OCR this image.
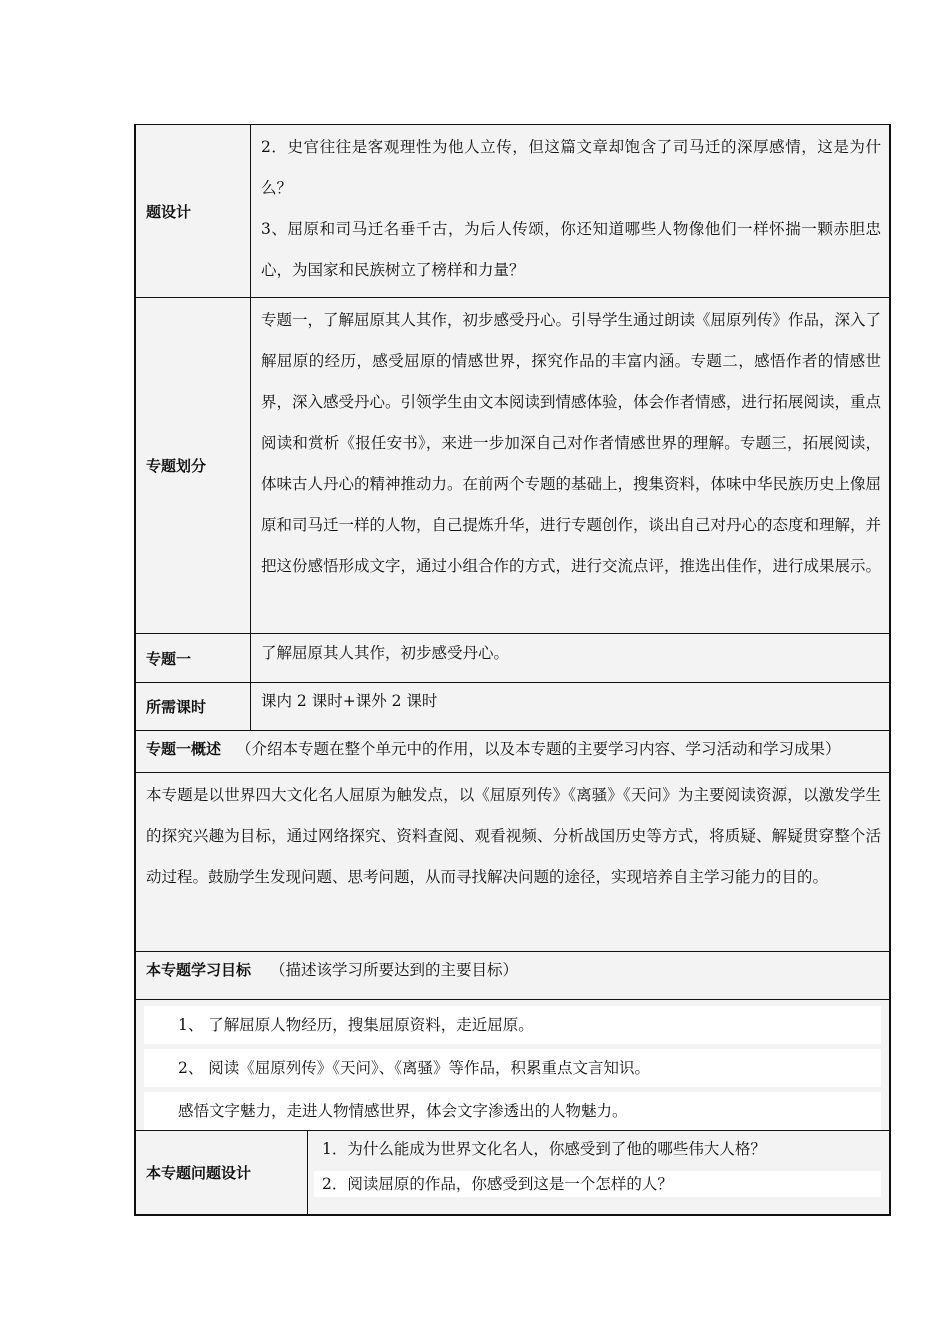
题设计

2．史官往往是客观理性为他人立传，但这篇文章却饱含了司马迁的深厚感情，这是为什么？

3、屈原和司马迁名垂千古，为后人传颂，你还知道哪些人物像他们一样怀揣一颗赤胆忠心，为国家和民族树立了榜样和力量？

专题划分

专题一，了解屈原其人其作，初步感受丹心。引导学生通过朗读《屈原列传》作品，深入了解屈原的经历，感受屈原的情感世界，探究作品的丰富内涵。专题二，感悟作者的情感世界，深入感受丹心。引领学生由文本阅读到情感体验，体会作者情感，进行拓展阅读，重点阅读和赏析《报任安书》，来进一步加深自己对作者情感世界的理解。专题三，拓展阅读，体味古人丹心的精神推动力。在前两个专题的基础上，搜集资料，体味中华民族历史上像屈原和司马迁一样的人物，自己提炼升华，进行专题创作，谈出自己对丹心的态度和理解，并把这份感悟形成文字，通过小组合作的方式，进行交流点评，推选出佳作，进行成果展示。

专题一	了解屈原其人其作，初步感受丹心。

所需课时	课内 2 课时+课外 2 课时

专题一概述 （介绍本专题在整个单元中的作用，以及本专题的主要学习内容、学习活动和学习成果）

本专题是以世界四大文化名人屈原为触发点，以《屈原列传》《离骚》《天问》为主要阅读资源，以激发学生的探究兴趣为目标，通过网络探究、资料查阅、观看视频、分析战国历史等方式，将质疑、解疑贯穿整个活动过程。鼓励学生发现问题、思考问题，从而寻找解决问题的途径，实现培养自主学习能力的目的。

本专题学习目标 （描述该学习所要达到的主要目标）
1、 了解屈原人物经历，搜集屈原资料，走近屈原。
2、 阅读《屈原列传》《天问》、《离骚》等作品，积累重点文言知识。
感悟文字魅力，走进人物情感世界，体会文字渗透出的人物魅力。
本专题问题设计
1．为什么能成为世界文化名人，你感受到了他的哪些伟大人格？
2．阅读屈原的作品，你感受到这是一个怎样的人？
